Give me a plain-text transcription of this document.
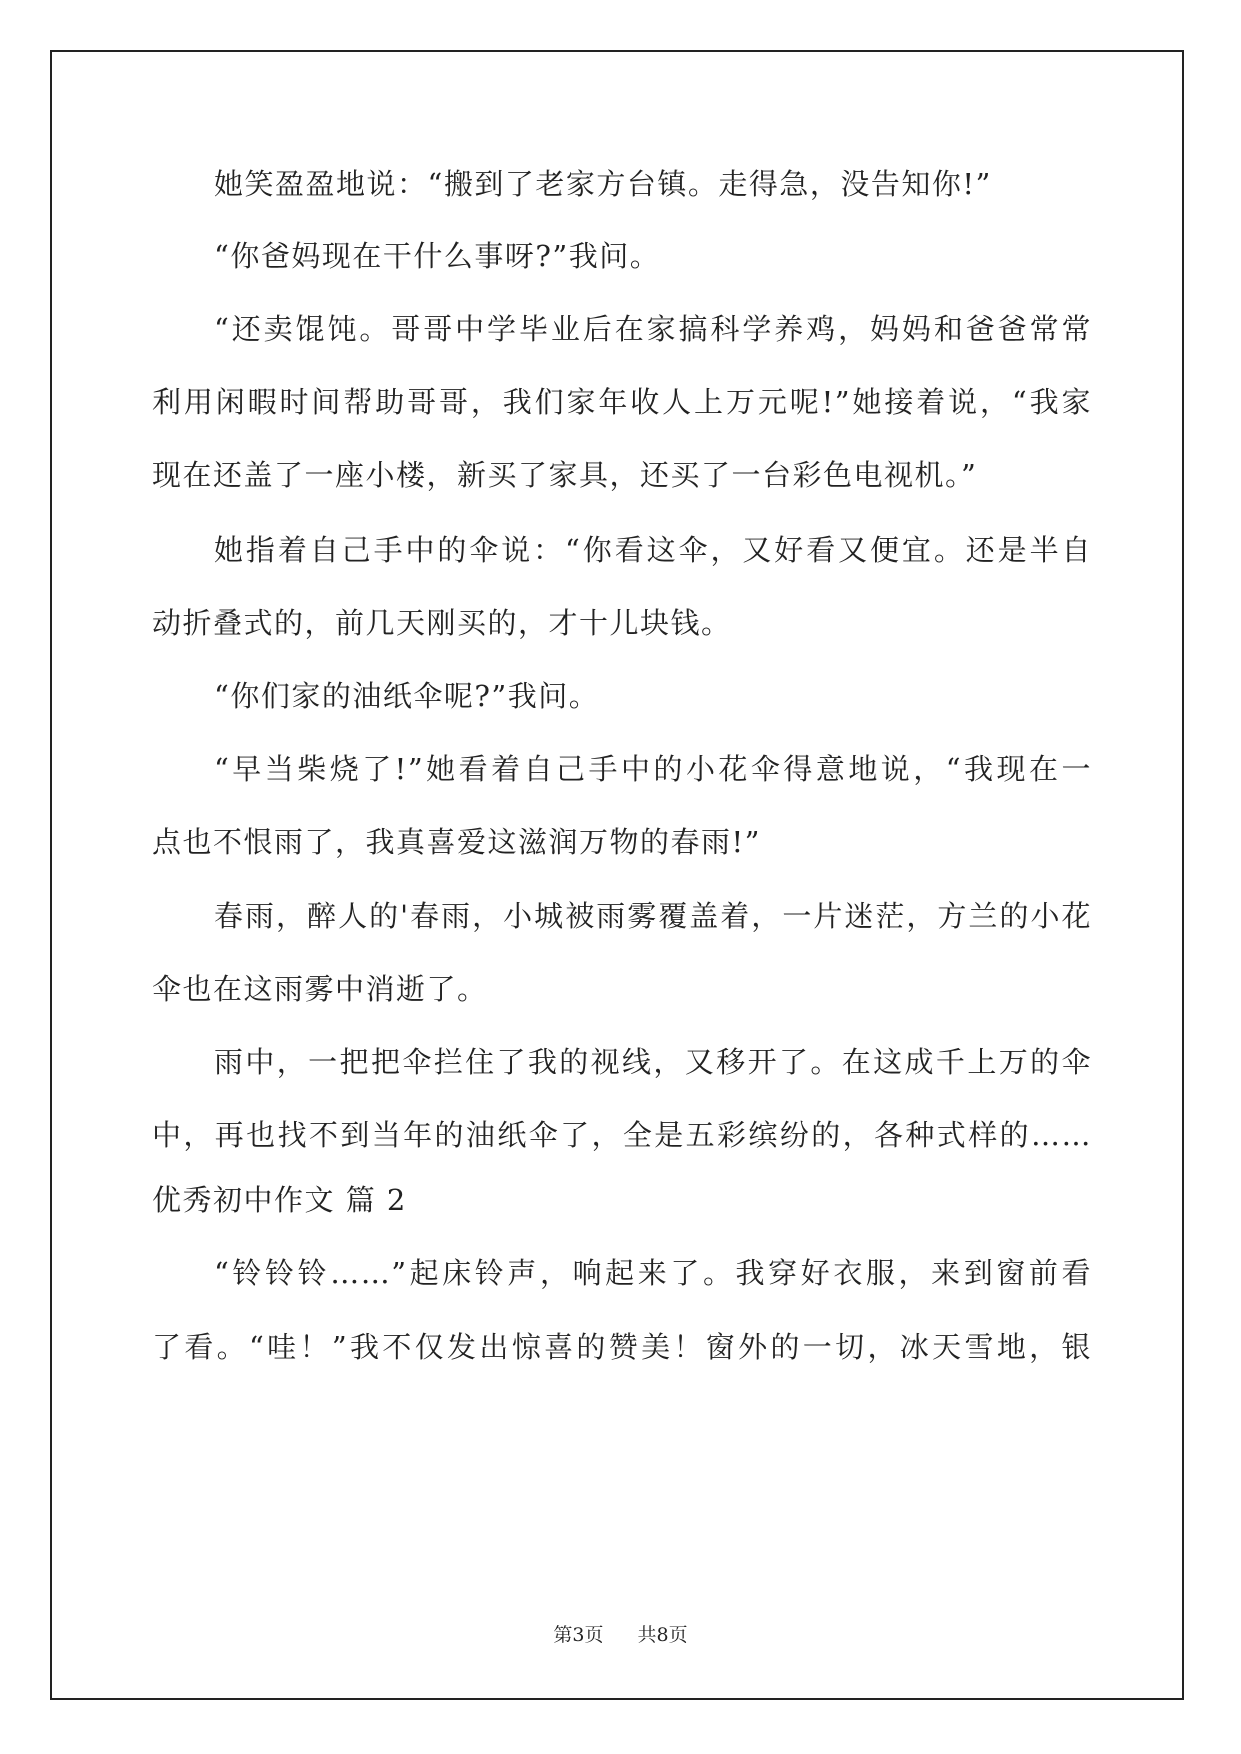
她笑盈盈地说：“搬到了老家方台镇。走得急，没告知你!”
“你爸妈现在干什么事呀?”我问。
“还卖馄饨。哥哥中学毕业后在家搞科学养鸡，妈妈和爸爸常常
利用闲暇时间帮助哥哥，我们家年收人上万元呢!”她接着说，“我家
现在还盖了一座小楼，新买了家具，还买了一台彩色电视机。”
她指着自己手中的伞说：“你看这伞，又好看又便宜。还是半自
动折叠式的，前几天刚买的，才十儿块钱。
“你们家的油纸伞呢?”我问。
“早当柴烧了!”她看着自己手中的小花伞得意地说，“我现在一
点也不恨雨了，我真喜爱这滋润万物的春雨!”
春雨，醉人的'春雨，小城被雨雾覆盖着，一片迷茫，方兰的小花
伞也在这雨雾中消逝了。
雨中，一把把伞拦住了我的视线，又移开了。在这成千上万的伞
中，再也找不到当年的油纸伞了，全是五彩缤纷的，各种式样的……
优秀初中作文 篇 2
“铃铃铃……”起床铃声，响起来了。我穿好衣服，来到窗前看
了看。“哇！”我不仅发出惊喜的赞美！窗外的一切，冰天雪地，银
第3页 共8页
